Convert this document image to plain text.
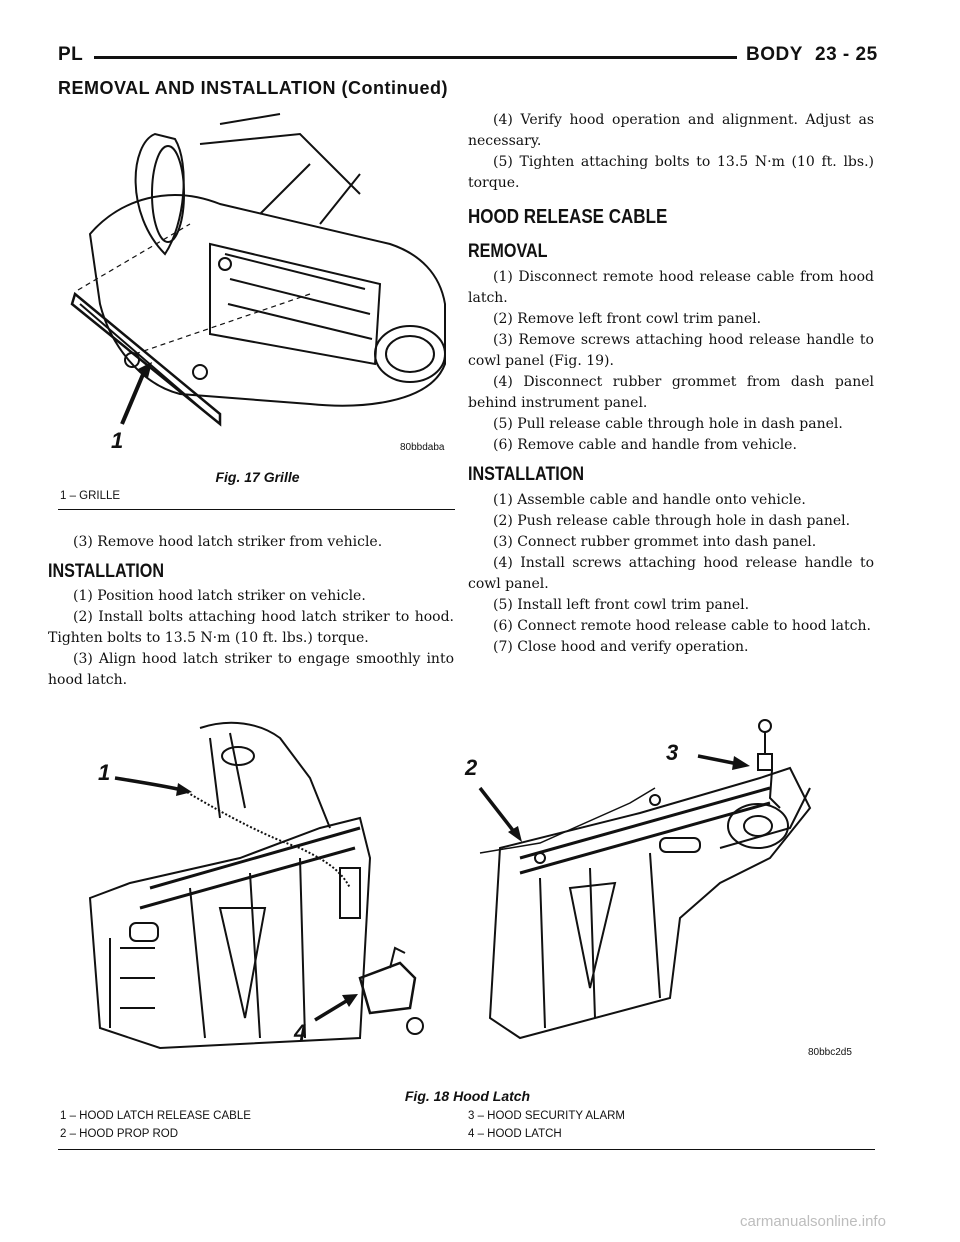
PL	BODY 23 - 25
REMOVAL AND INSTALLATION (Continued)
1	80bbdaba
Fig. 17 Grille
1 – GRILLE

(3) Remove hood latch striker from vehicle.

INSTALLATION

(1) Position hood latch striker on vehicle.

(2) Install bolts attaching hood latch striker to hood. Tighten bolts to 13.5 N·m (10 ft. lbs.) torque.

(3) Align hood latch striker to engage smoothly into hood latch.

(4) Verify hood operation and alignment. Adjust as necessary.

(5) Tighten attaching bolts to 13.5 N·m (10 ft. lbs.) torque.

HOOD RELEASE CABLE

REMOVAL

(1) Disconnect remote hood release cable from hood latch.

(2) Remove left front cowl trim panel.

(3) Remove screws attaching hood release handle to cowl panel (Fig. 19).

(4) Disconnect rubber grommet from dash panel behind instrument panel.

(5) Pull release cable through hole in dash panel.

(6) Remove cable and handle from vehicle.

INSTALLATION

(1) Assemble cable and handle onto vehicle.

(2) Push release cable through hole in dash panel.

(3) Connect rubber grommet into dash panel.

(4) Install screws attaching hood release handle to cowl panel.

(5) Install left front cowl trim panel.

(6) Connect remote hood release cable to hood latch.

(7) Close hood and verify operation.

1	2
3
4
80bbc2d5
Fig. 18 Hood Latch
1 – HOOD LATCH RELEASE CABLE
2 – HOOD PROP ROD
3 – HOOD SECURITY ALARM
4 – HOOD LATCH
carmanualsonline.info
